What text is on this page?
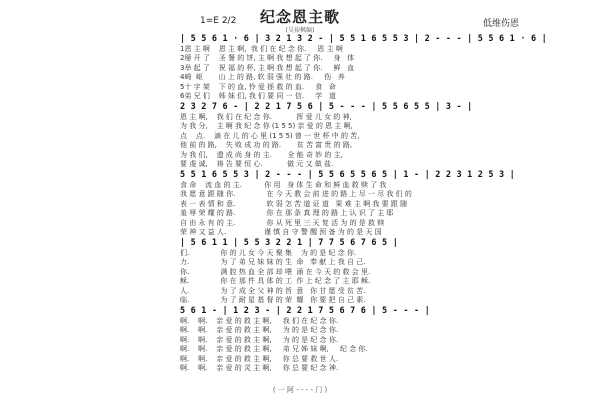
纪念恩主歌
(吴裕枫编)
1=E 2/2	低维伤恩
| 5 5 6 1 · 6 | 3 2 1 3 2 - | 5 5 1 6 5 5 3 | 2 - - - | 5 5 6 1 · 6 |
1恩 主 啊    恩 主 啊,  我 们 在 纪 念 你.     恩 主 啊
2掰 开 了    圣 餐 的 饼, 主 啊 我 想 起 了 你.     身   体
3举 起 了    祝 福 的 杯, 主 啊 我 想 起 了 你.     鲜   血
4崎  岖       山 上 的 路, 软 弱 强 壮 的 路.     伤   养
5十 字 架    下 的 血, 怜 爱 拯 救 的 血.     食   命
6弟 兄 们    姊 妹 们, 我 们 要 同 一 信.     学   道
2 3 2 7 6 - | 2 2 1 7 5 6 | 5 - - - | 5 5 6 5 5 | 3 - |
恩 主 啊,    我 们 在 纪 念 你.           挥 爱 儿 女 的 神,
为 我 分,    主 啊 我 纪 念 你 (1 5 5) 亲 爱 的 恩 主 啊,
点    点.    滴 在 儿 的 心 里 (1 5 5) 曾 一 世 杯 中 的 苦,
他 前 的 路,    失 败 成 功 的 路.       贫 苦 富 贵 的 路,
为 我 们,    遗 成 尚 身 的 主.       全 能 奇 妙 的 主,
要 虔 诚,    祷 告 要 恒 心.           做 元 又 做 盐.
5 5 1 6 5 5 3 | 2 - - - | 5 5 6 5 5 6 5 | 1 - | 2 2 3 1 2 5 3 |
食 命    流 血 的 主.          你 用   身 体 生 命 和 鲜 血 救 赎 了 我
我 愿 意 跟 随 你.              在 今 天 教 会 前 进 的 路 上 尽 一 尽 我 们 的
表 一 表 情 和 意.              软 弱 怎 苦 道 证 道   果 难 主 啊 我 要 跟 随
羞 辱 荣 耀 的 路.              你 在 那 条 真 理 的 路 上 认 识 了 主 耶
自 由 永 有 的 主.              你 从 死 里 三 天 复 活 为 的 是 救 赎
荣 神 又 益 人.                 谨 慎 自 守 警 醒 预 备 为 的 是 天 国
| 5 6 1 1 | 5 5 3 2 2 1 | 7 7 5 6 7 6 5 |
们.              你 的 儿 女 今 天 聚 集    为 的 是 纪 念 你.
力.              为 了 弟 兄 妹 妹 的 生  命   奉 献 上 我 自 己.
你.              满 腔 热 血 全 部 却 喂  涌 在 今 天 的 救 会 里.
稣.              你 在 那 件 具 体 的 工  作 上 纪 念 了 主 耶 稣.
人.              为 了 成 全 父 神 的 旨  意   你 甘 愿 受 贫 苦.
临.              为 了 耐 星 基 督 的 荣  耀   你 要 把 自 己 素.
5 6 1 - | 1 2 3 - | 2 2 1 7 5 6 7 6 | 5 - - - |
啊.    啊.    亲 爱 的 救 主 啊,     我 们 在 纪 念 你.
啊.    啊.    亲 爱 的 救 主 啊,     为 的 是 纪 念 你.
啊.    啊.    亲 爱 的 救 主 啊,     为 的 是 纪 念 你.
啊.    啊.    亲 爱 的 救 主 啊,     弟 兄 姊 妹 啊,     纪 念 你.
啊.    啊.    亲 爱 的 救 主 啊,     你 总 要 救 世 人.
啊.    啊.    亲 爱 的 灵 主 啊,     你 总 要 纪 念 神.
( 一 阿 - - - - 门 )
